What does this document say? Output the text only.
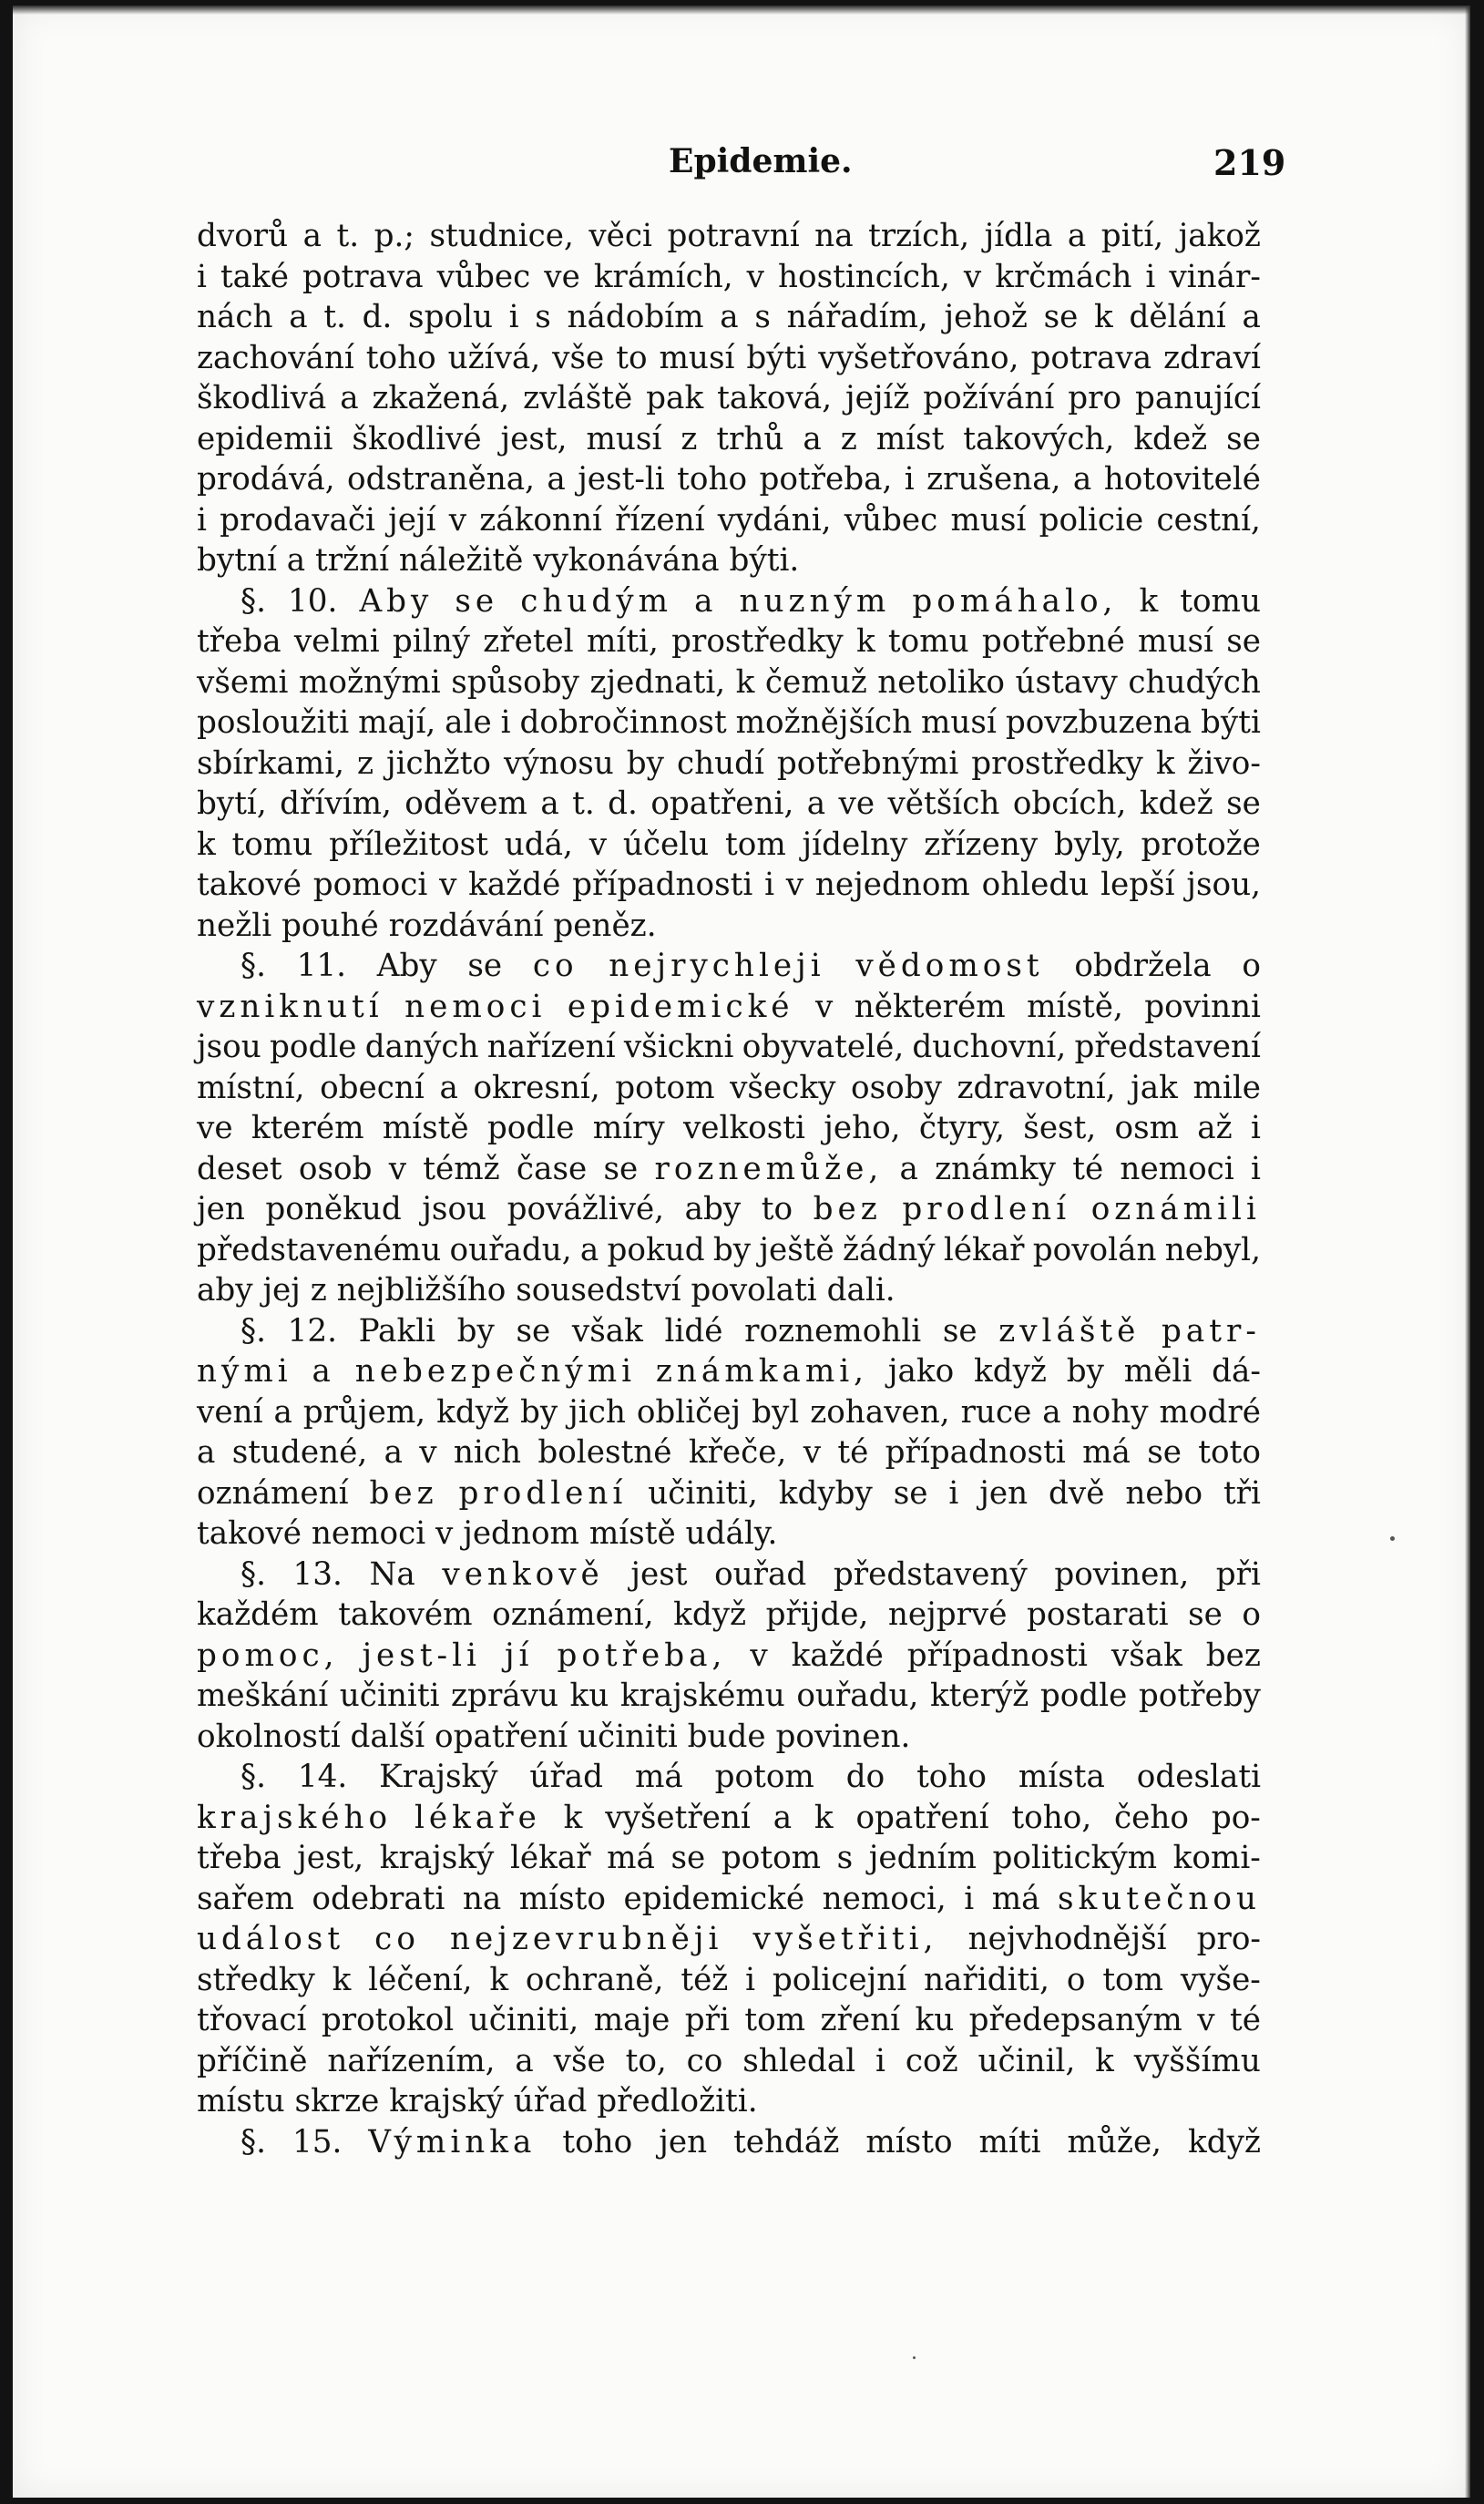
Epidemie.	219
dvorů a t. p.; studnice, věci potravní na trzích, jídla a pití, jakož
i také potrava vůbec ve krámích, v hostincích, v krčmách i vinár-
nách a t. d. spolu i s nádobím a s nářadím, jehož se k dělání a
zachování toho užívá, vše to musí býti vyšetřováno, potrava zdraví
škodlivá a zkažená, zvláště pak taková, jejíž požívání pro panující
epidemii škodlivé jest, musí z trhů a z míst takových, kdež se
prodává, odstraněna, a jest-li toho potřeba, i zrušena, a hotovitelé
i prodavači její v zákonní řízení vydáni, vůbec musí policie cestní,
bytní a tržní náležitě vykonávána býti.
§. 10. Aby se chudým a nuzným pomáhalo, k tomu
třeba velmi pilný zřetel míti, prostředky k tomu potřebné musí se
všemi možnými spůsoby zjednati, k čemuž netoliko ústavy chudých
posloužiti mají, ale i dobročinnost možnějších musí povzbuzena býti
sbírkami, z jichžto výnosu by chudí potřebnými prostředky k živo-
bytí, dřívím, oděvem a t. d. opatřeni, a ve větších obcích, kdež se
k tomu příležitost udá, v účelu tom jídelny zřízeny byly, protože
takové pomoci v každé případnosti i v nejednom ohledu lepší jsou,
nežli pouhé rozdávání peněz.
§. 11. Aby se co nejrychleji vědomost obdržela o
vzniknutí nemoci epidemické v některém místě, povinni
jsou podle daných nařízení všickni obyvatelé, duchovní, představení
místní, obecní a okresní, potom všecky osoby zdravotní, jak mile
ve kterém místě podle míry velkosti jeho, čtyry, šest, osm až i
deset osob v témž čase se roznemůže, a známky té nemoci i
jen poněkud jsou povážlivé, aby to bez prodlení oznámili
představenému ouřadu, a pokud by ještě žádný lékař povolán nebyl,
aby jej z nejbližšího sousedství povolati dali.
§. 12. Pakli by se však lidé roznemohli se zvláště patr-
nými a nebezpečnými známkami, jako když by měli dá-
vení a průjem, když by jich obličej byl zohaven, ruce a nohy modré
a studené, a v nich bolestné křeče, v té případnosti má se toto
oznámení bez prodlení učiniti, kdyby se i jen dvě nebo tři
takové nemoci v jednom místě udály.
§. 13. Na venkově jest ouřad představený povinen, při
každém takovém oznámení, když přijde, nejprvé postarati se o
pomoc, jest-li jí potřeba, v každé případnosti však bez
meškání učiniti zprávu ku krajskému ouřadu, kterýž podle potřeby
okolností další opatření učiniti bude povinen.
§. 14. Krajský úřad má potom do toho místa odeslati
krajského lékaře k vyšetření a k opatření toho, čeho po-
třeba jest, krajský lékař má se potom s jedním politickým komi-
sařem odebrati na místo epidemické nemoci, i má skutečnou
událost co nejzevrubněji vyšetřiti, nejvhodnější pro-
středky k léčení, k ochraně, též i policejní nařiditi, o tom vyše-
třovací protokol učiniti, maje při tom zření ku předepsaným v té
příčině nařízením, a vše to, co shledal i což učinil, k vyššímu
místu skrze krajský úřad předložiti.
§. 15. Výminka toho jen tehdáž místo míti může, když
